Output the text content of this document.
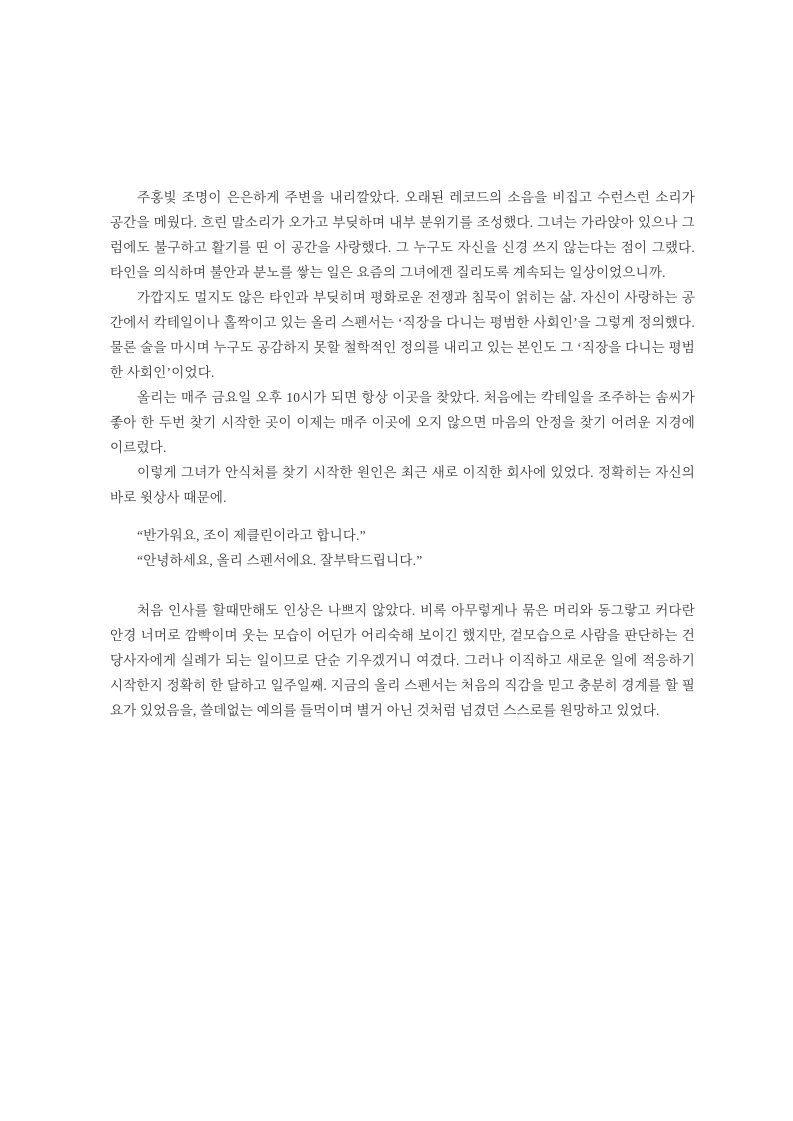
주홍빛 조명이 은은하게 주변을 내리깔았다. 오래된 레코드의 소음을 비집고 수런스런 소리가 공간을 메웠다. 흐린 말소리가 오가고 부딪하며 내부 분위기를 조성했다. 그녀는 가라앉아 있으나 그럼에도 불구하고 활기를 띤 이 공간을 사랑했다. 그 누구도 자신을 신경 쓰지 않는다는 점이 그랬다. 타인을 의식하며 불안과 분노를 쌓는 일은 요즘의 그녀에겐 질리도록 계속되는 일상이었으니까.

가깝지도 멀지도 않은 타인과 부딪히며 평화로운 전쟁과 침묵이 얽히는 삶. 자신이 사랑하는 공간에서 칵테일이나 홀짝이고 있는 올리 스펜서는 ‘직장을 다니는 평범한 사회인’을 그렇게 정의했다. 물론 술을 마시며 누구도 공감하지 못할 철학적인 정의를 내리고 있는 본인도 그 ‘직장을 다니는 평범한 사회인’이었다.

올리는 매주 금요일 오후 10시가 되면 항상 이곳을 찾았다. 처음에는 칵테일을 조주하는 솜씨가 좋아 한 두번 찾기 시작한 곳이 이제는 매주 이곳에 오지 않으면 마음의 안정을 찾기 어려운 지경에 이르렀다.

이렇게 그녀가 안식처를 찾기 시작한 원인은 최근 새로 이직한 회사에 있었다. 정확히는 자신의 바로 윗상사 때문에.

“반가워요, 조이 제클린이라고 합니다.”

“안녕하세요, 올리 스펜서에요. 잘부탁드립니다.”

처음 인사를 할때만해도 인상은 나쁘지 않았다. 비록 아무렇게나 묶은 머리와 동그랗고 커다란 안경 너머로 깜빡이며 웃는 모습이 어딘가 어리숙해 보이긴 했지만, 겉모습으로 사람을 판단하는 건 당사자에게 실례가 되는 일이므로 단순 기우겠거니 여겼다. 그러나 이직하고 새로운 일에 적응하기 시작한지 정확히 한 달하고 일주일째. 지금의 올리 스펜서는 처음의 직감을 믿고 충분히 경계를 할 필요가 있었음을, 쓸데없는 예의를 들먹이며 별거 아닌 것처럼 넘겼던 스스로를 원망하고 있었다.
